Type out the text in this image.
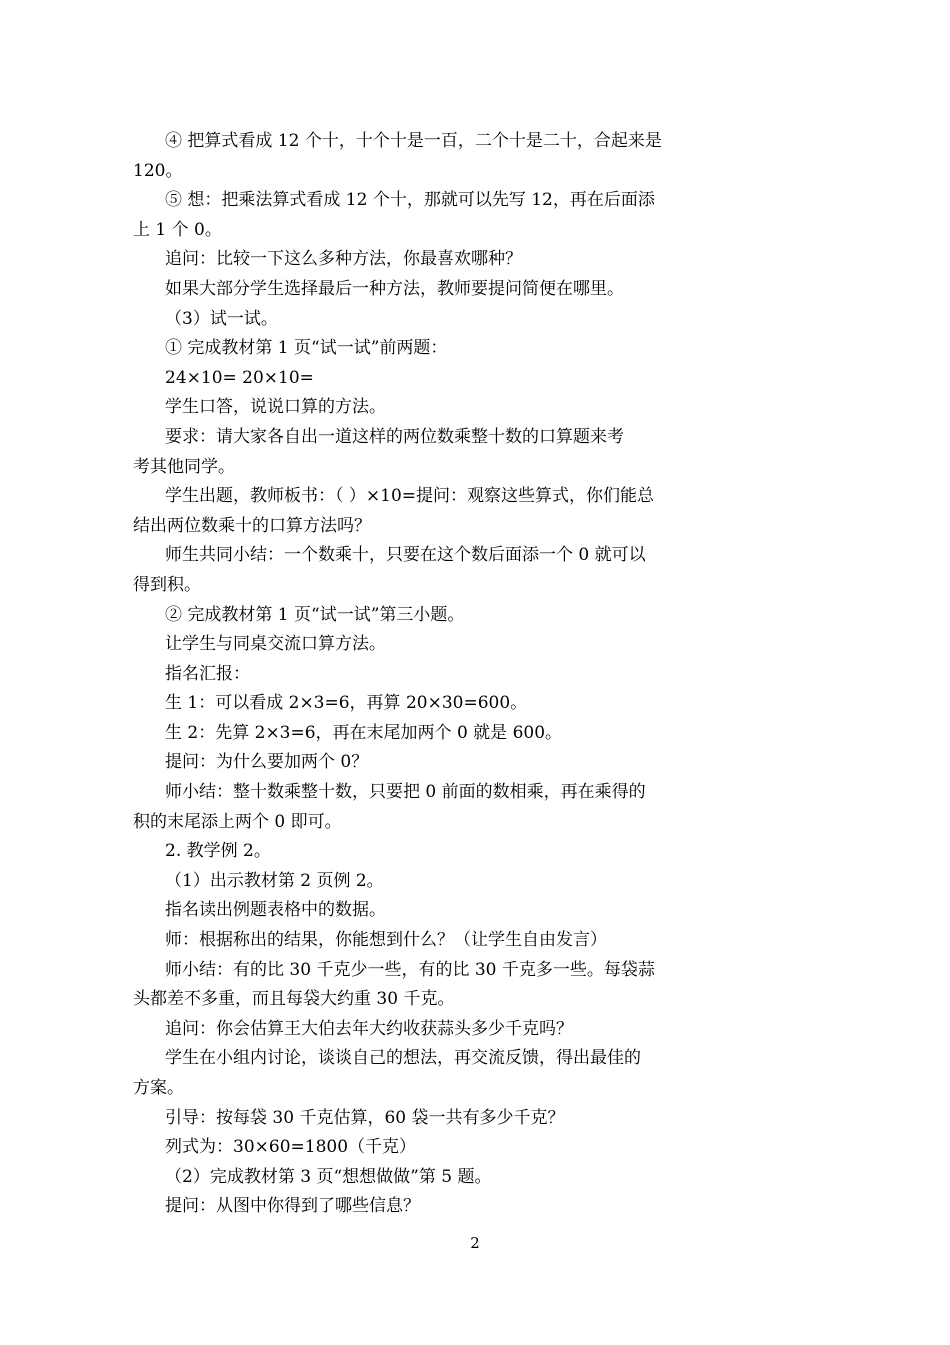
④ 把算式看成 12 个十，十个十是一百，二个十是二十，合起来是
120。
⑤ 想：把乘法算式看成 12 个十，那就可以先写 12，再在后面添
上 1 个 0。
追问：比较一下这么多种方法，你最喜欢哪种？
如果大部分学生选择最后一种方法，教师要提问简便在哪里。
（3）试一试。
① 完成教材第 1 页“试一试”前两题：
24×10= 20×10=
学生口答，说说口算的方法。
要求：请大家各自出一道这样的两位数乘整十数的口算题来考
考其他同学。
学生出题，教师板书：（ ）×10=提问：观察这些算式，你们能总
结出两位数乘十的口算方法吗？
师生共同小结：一个数乘十，只要在这个数后面添一个 0 就可以
得到积。
② 完成教材第 1 页“试一试”第三小题。
让学生与同桌交流口算方法。
指名汇报：
生 1：可以看成 2×3=6，再算 20×30=600。
生 2：先算 2×3=6，再在末尾加两个 0 就是 600。
提问：为什么要加两个 0？
师小结：整十数乘整十数，只要把 0 前面的数相乘，再在乘得的
积的末尾添上两个 0 即可。
2. 教学例 2。
（1）出示教材第 2 页例 2。
指名读出例题表格中的数据。
师：根据称出的结果，你能想到什么？（让学生自由发言）
师小结：有的比 30 千克少一些，有的比 30 千克多一些。每袋蒜
头都差不多重，而且每袋大约重 30 千克。
追问：你会估算王大伯去年大约收获蒜头多少千克吗？
学生在小组内讨论，谈谈自己的想法，再交流反馈，得出最佳的
方案。
引导：按每袋 30 千克估算，60 袋一共有多少千克？
列式为：30×60=1800（千克）
（2）完成教材第 3 页“想想做做”第 5 题。
提问：从图中你得到了哪些信息？
2
